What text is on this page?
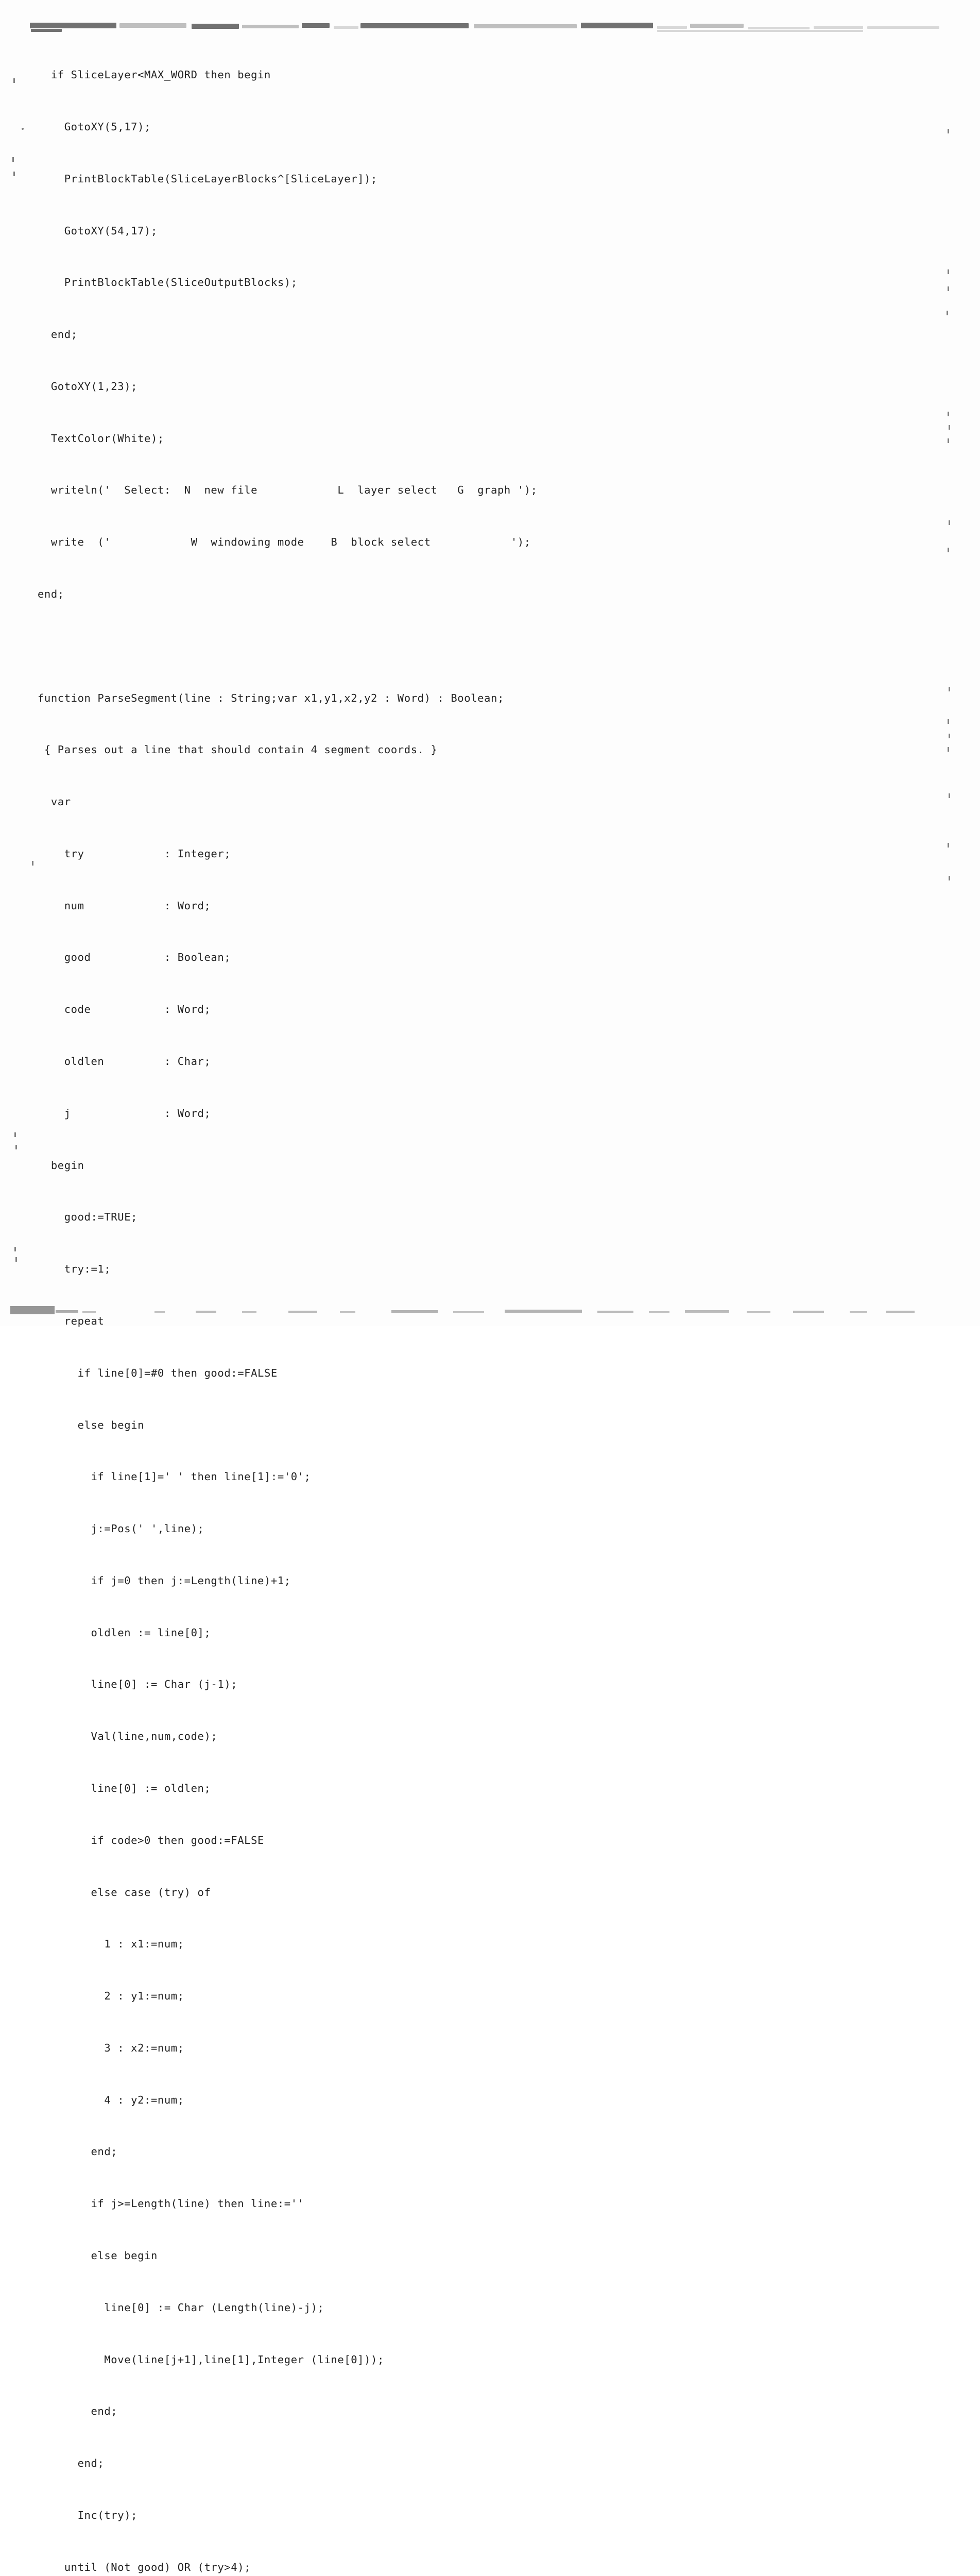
if SliceLayer<MAX_WORD then begin

GotoXY(5,17);

PrintBlockTable(SliceLayerBlocks^[SliceLayer]);

GotoXY(54,17);

PrintBlockTable(SliceOutputBlocks);

end;

GotoXY(1,23);

TextColor(White);

writeln('  Select:  N  new file            L  layer select   G  graph ');

write  ('            W  windowing mode    B  block select            ');

end;

function ParseSegment(line : String;var x1,y1,x2,y2 : Word) : Boolean;

{ Parses out a line that should contain 4 segment coords. }

var

try            : Integer;

num            : Word;

good           : Boolean;

code           : Word;

oldlen         : Char;

j              : Word;

begin

good:=TRUE;

try:=1;

repeat

if line[0]=#0 then good:=FALSE

else begin

if line[1]=' ' then line[1]:='0';

j:=Pos(' ',line);

if j=0 then j:=Length(line)+1;

oldlen := line[0];

line[0] := Char (j-1);

Val(line,num,code);

line[0] := oldlen;

if code>0 then good:=FALSE

else case (try) of

1 : x1:=num;

2 : y1:=num;

3 : x2:=num;

4 : y2:=num;

end;

if j>=Length(line) then line:=''

else begin

line[0] := Char (Length(line)-j);

Move(line[j+1],line[1],Integer (line[0]));

end;

end;

Inc(try);

until (Not good) OR (try>4);
